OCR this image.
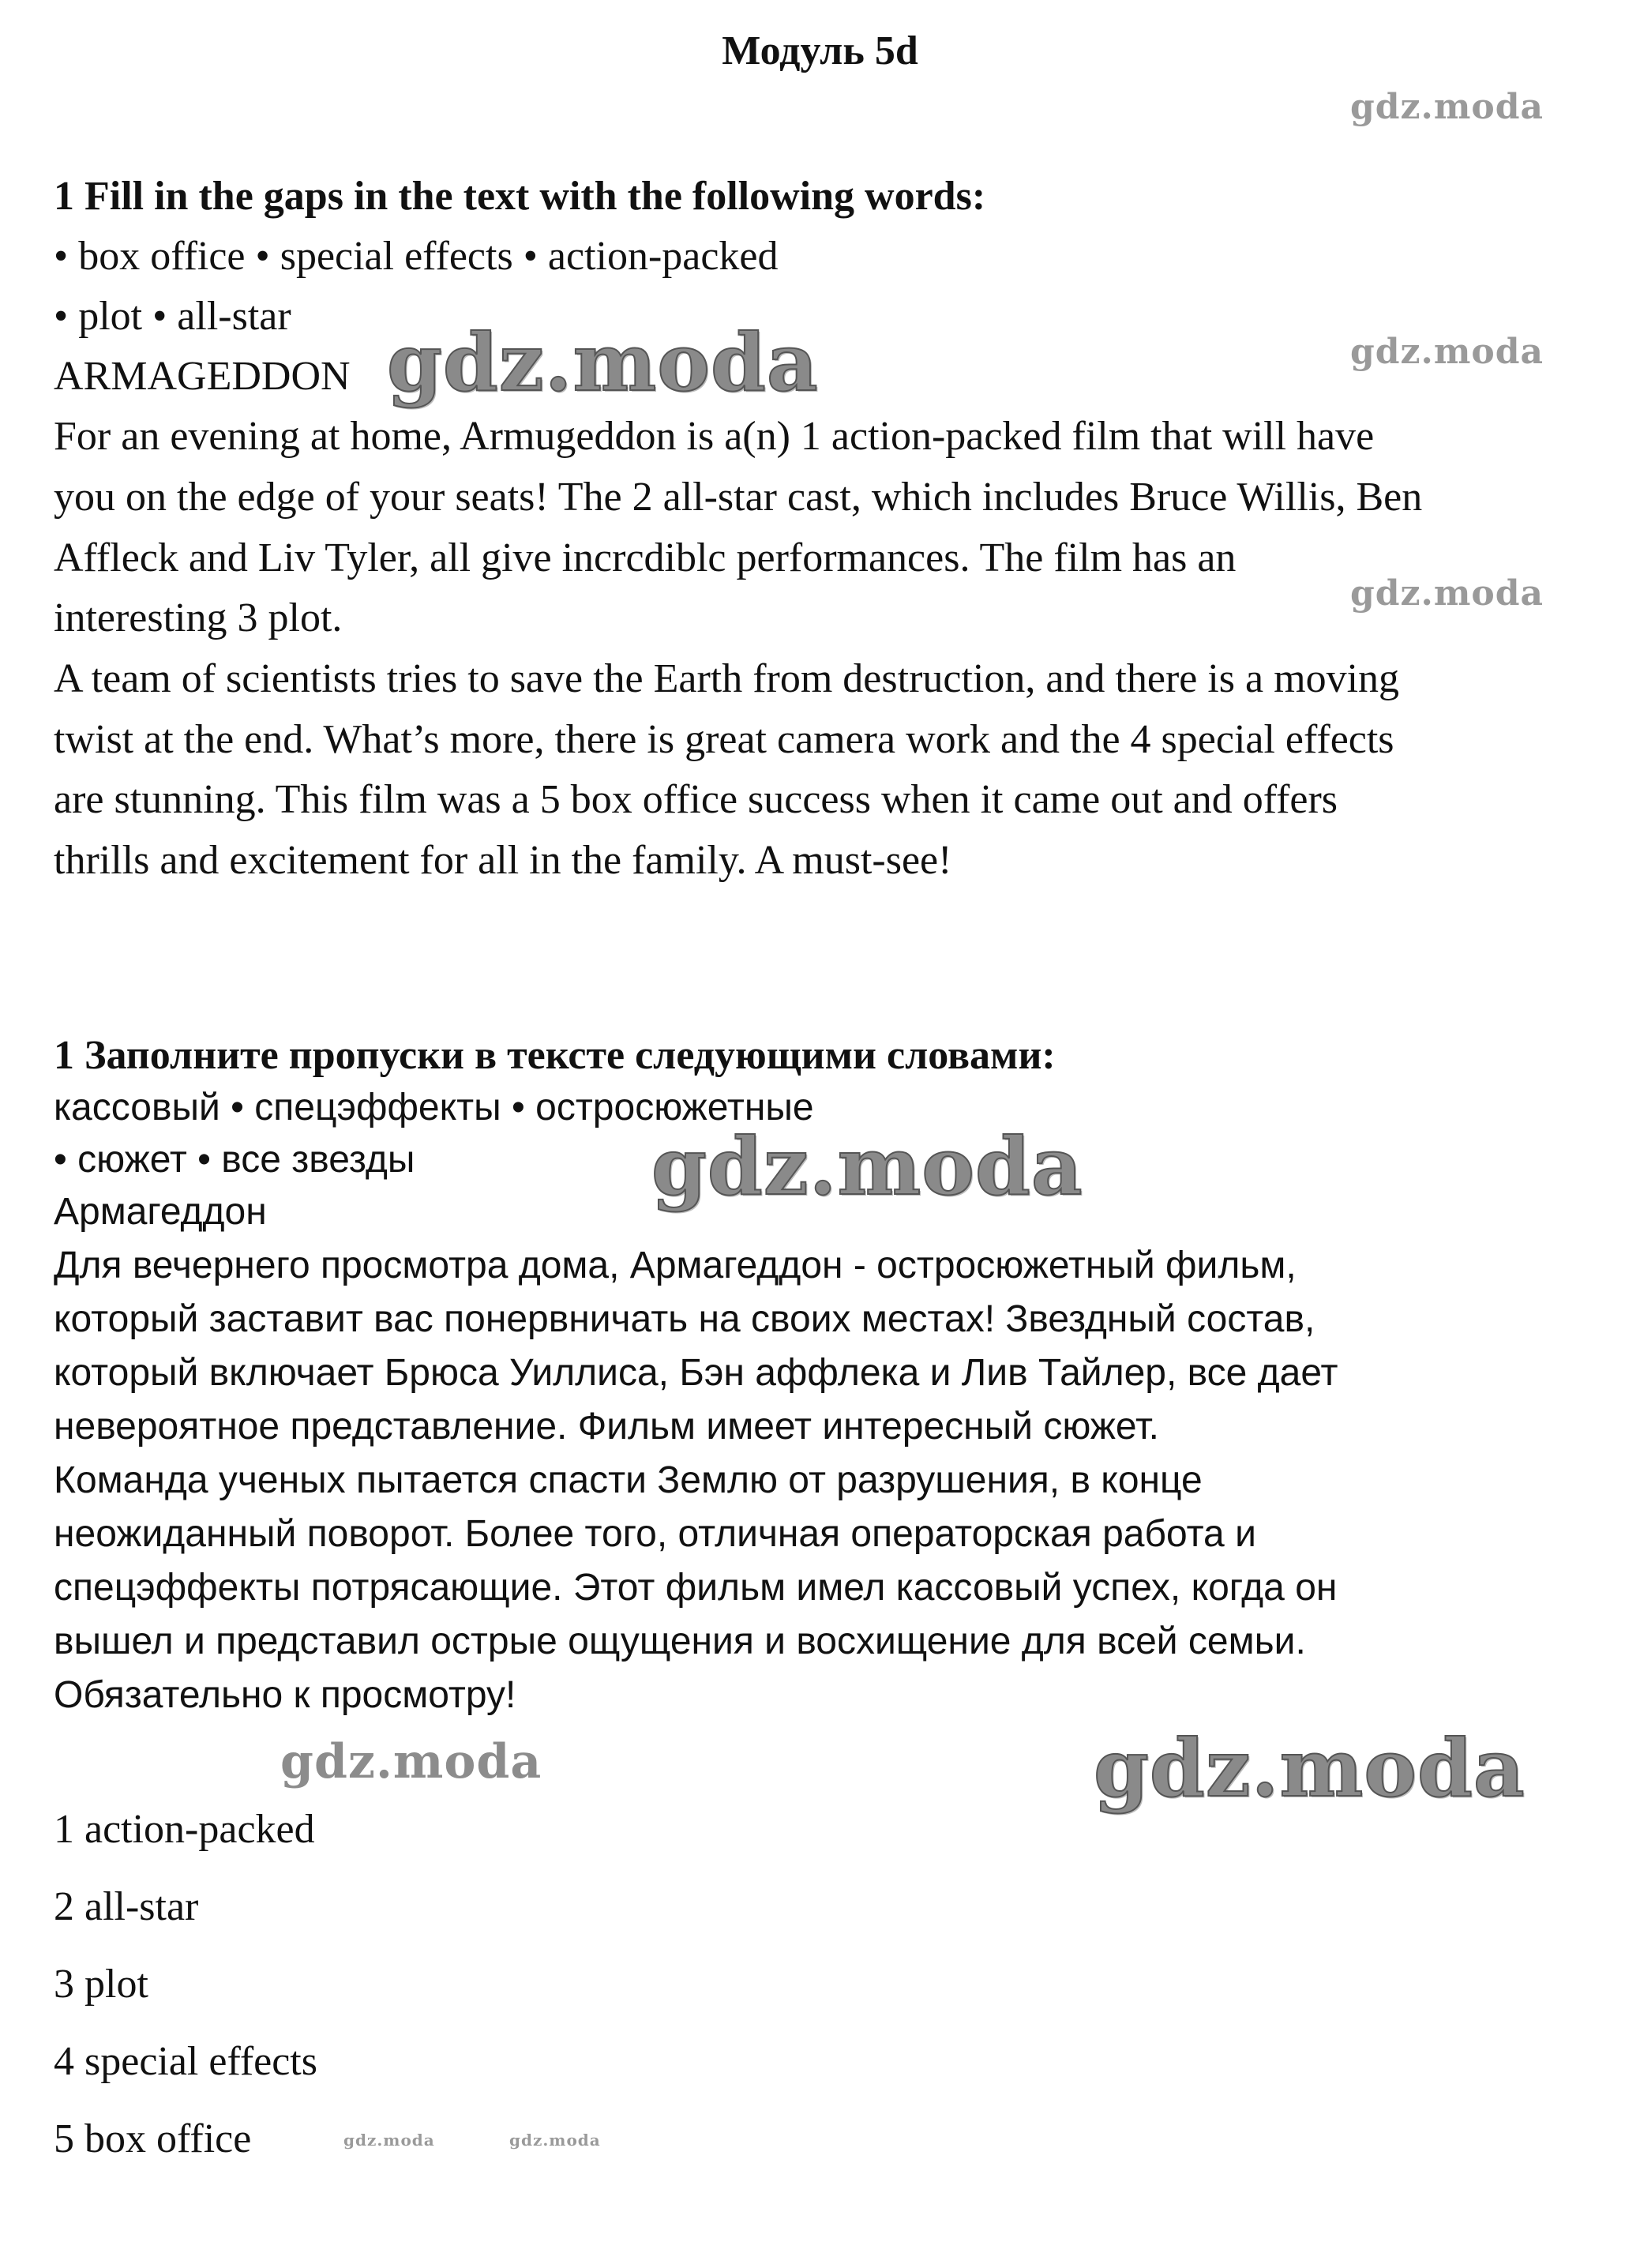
Модуль 5d
1 Fill in the gaps in the text with the following words:
• box office • special effects • action-packed
• plot • all-star
ARMAGEDDON
For an evening at home, Armugeddon is a(n) 1 action-packed film that will have
you on the edge of your seats! The 2 all-star cast, which includes Bruce Willis, Ben
Affleck and Liv Tyler, all give incrcdiblc performances. The film has an
interesting 3 plot.
A team of scientists tries to save the Earth from destruction, and there is a moving
twist at the end. What’s more, there is great camera work and the 4 special effects
are stunning. This film was a 5 box office success when it came out and offers
thrills and excitement for all in the family. A must-see!
1 Заполните пропуски в тексте следующими словами:
кассовый • спецэффекты • остросюжетные
• сюжет • все звезды
Армагеддон
Для вечернего просмотра дома, Армагеддон - остросюжетный фильм,
который заставит вас понервничать на своих местах! Звездный состав,
который включает Брюса Уиллиса, Бэн аффлека и Лив Тайлер, все дает
невероятное представление. Фильм имеет интересный сюжет.
Команда ученых пытается спасти Землю от разрушения, в конце
неожиданный поворот. Более того, отличная операторская работа и
спецэффекты потрясающие. Этот фильм имел кассовый успех, когда он
вышел и представил острые ощущения и восхищение для всей семьи.
Обязательно к просмотру!
1 action-packed
2 all-star
3 plot
4 special effects
5 box office
gdz.moda
gdz.moda
gdz.moda
gdz.moda
gdz.moda
gdz.moda	gdz.moda
gdz.moda	gdz.moda
